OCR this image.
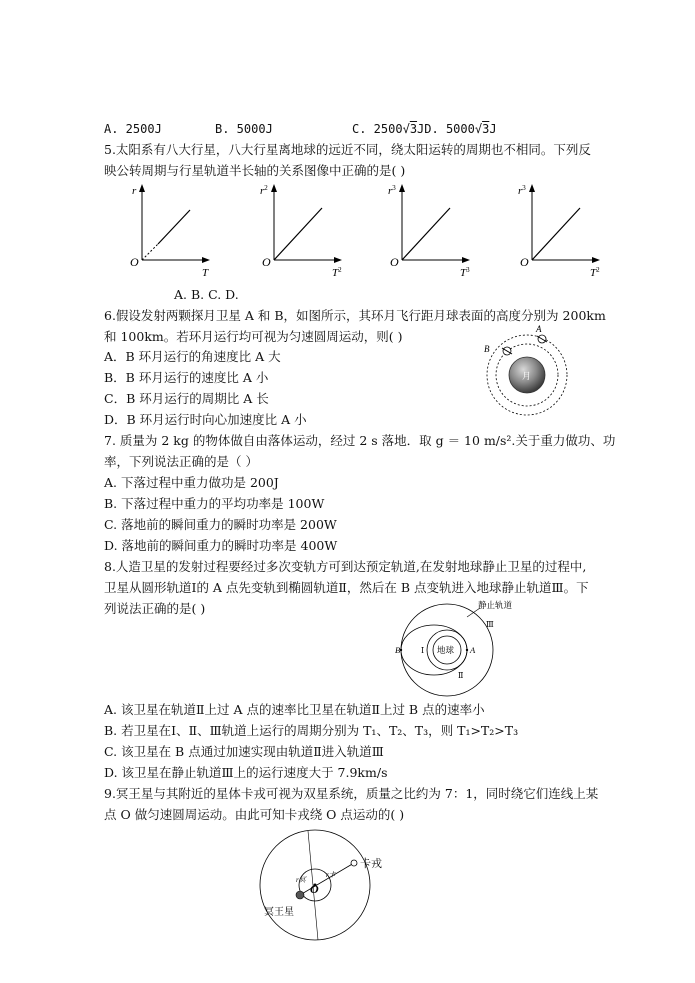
A. 2500J	B. 5000J	C. 2500√3JD. 5000√3J
5.太阳系有八大行星，八大行星离地球的远近不同，绕太阳运转的周期也不相同。下列反
映公转周期与行星轨道半长轴的关系图像中正确的是( )
r
O
T
$r^2$
O
$T^2$
$r^3$
O
$T^3$
$r^3$
O
$T^2$
A. B. C. D.
6.假设发射两颗探月卫星 A 和 B，如图所示，其环月飞行距月球表面的高度分别为 200km
和 100km。若环月运行均可视为匀速圆周运动，则( )
A．B 环月运行的角速度比 A 大
B．B 环月运行的速度比 A 小
C．B 环月运行的周期比 A 长
D．B 环月运行时向心加速度比 A 小
月
B
A
7. 质量为 2 kg 的物体做自由落体运动，经过 2 s 落地．取 g ＝ 10 m/s².关于重力做功、功
率，下列说法正确的是（ ）
A. 下落过程中重力做功是 200J
B. 下落过程中重力的平均功率是 100W
C. 落地前的瞬间重力的瞬时功率是 200W
D. 落地前的瞬间重力的瞬时功率是 400W
8.人造卫星的发射过程要经过多次变轨方可到达预定轨道,在发射地球静止卫星的过程中,
卫星从圆形轨道Ⅰ的 A 点先变轨到椭圆轨道Ⅱ，然后在 B 点变轨进入地球静止轨道Ⅲ。下
列说法正确的是( )	静止轨道
Ⅲ
地球
Ⅰ
Ⅱ
B	A
A. 该卫星在轨道Ⅱ上过 A 点的速率比卫星在轨道Ⅱ上过 B 点的速率小
B. 若卫星在Ⅰ、Ⅱ、Ⅲ轨道上运行的周期分别为 T₁、T₂、T₃，则 T₁>T₂>T₃
C. 该卫星在 B 点通过加速实现由轨道Ⅱ进入轨道Ⅲ
D. 该卫星在静止轨道Ⅲ上的运行速度大于 7.9km/s
9.冥王星与其附近的星体卡戎可视为双星系统，质量之比约为 7：1，同时绕它们连线上某
点 O 做匀速圆周运动。由此可知卡戎绕 O 点运动的( )
卡戎
冥王星
O
r冥
r卡
